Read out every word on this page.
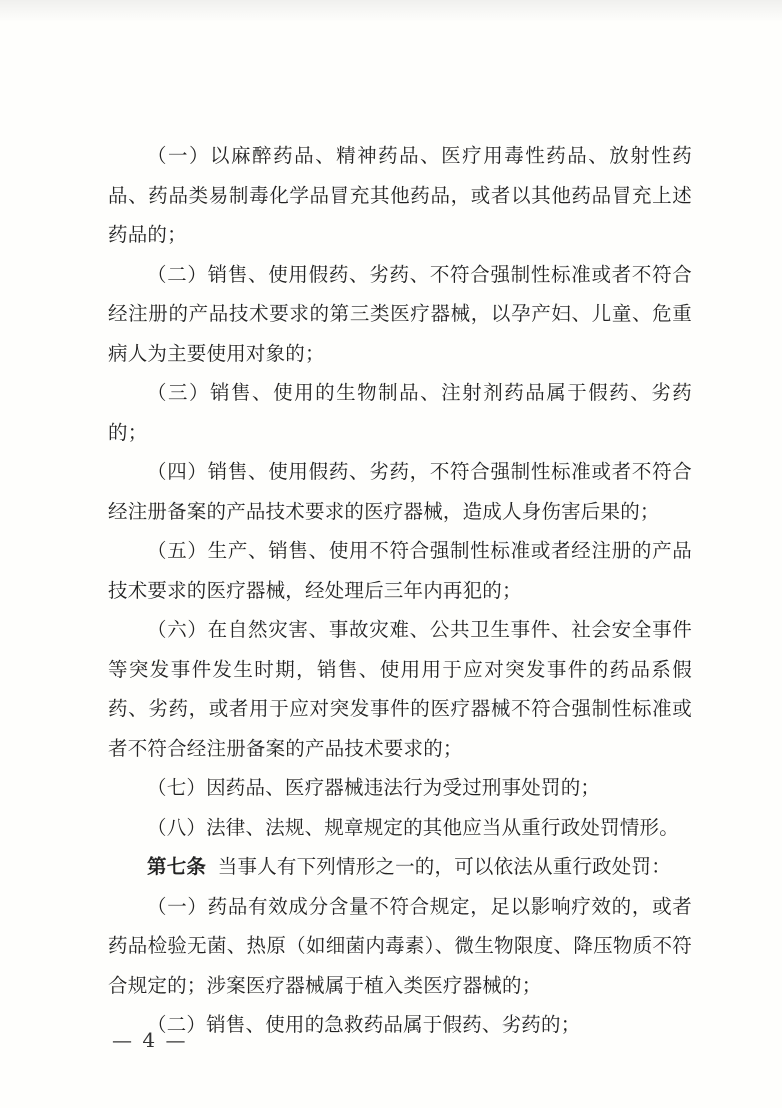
（一）以麻醉药品、精神药品、医疗用毒性药品、放射性药品、药品类易制毒化学品冒充其他药品，或者以其他药品冒充上述药品的；

（二）销售、使用假药、劣药、不符合强制性标准或者不符合经注册的产品技术要求的第三类医疗器械，以孕产妇、儿童、危重病人为主要使用对象的；

（三）销售、使用的生物制品、注射剂药品属于假药、劣药的；

（四）销售、使用假药、劣药，不符合强制性标准或者不符合经注册备案的产品技术要求的医疗器械，造成人身伤害后果的；

（五）生产、销售、使用不符合强制性标准或者经注册的产品技术要求的医疗器械，经处理后三年内再犯的；

（六）在自然灾害、事故灾难、公共卫生事件、社会安全事件等突发事件发生时期，销售、使用用于应对突发事件的药品系假药、劣药，或者用于应对突发事件的医疗器械不符合强制性标准或者不符合经注册备案的产品技术要求的；

（七）因药品、医疗器械违法行为受过刑事处罚的；

（八）法律、法规、规章规定的其他应当从重行政处罚情形。

第七条 当事人有下列情形之一的，可以依法从重行政处罚：

（一）药品有效成分含量不符合规定，足以影响疗效的，或者药品检验无菌、热原（如细菌内毒素）、微生物限度、降压物质不符合规定的；涉案医疗器械属于植入类医疗器械的；

（二）销售、使用的急救药品属于假药、劣药的；

— 4 —
